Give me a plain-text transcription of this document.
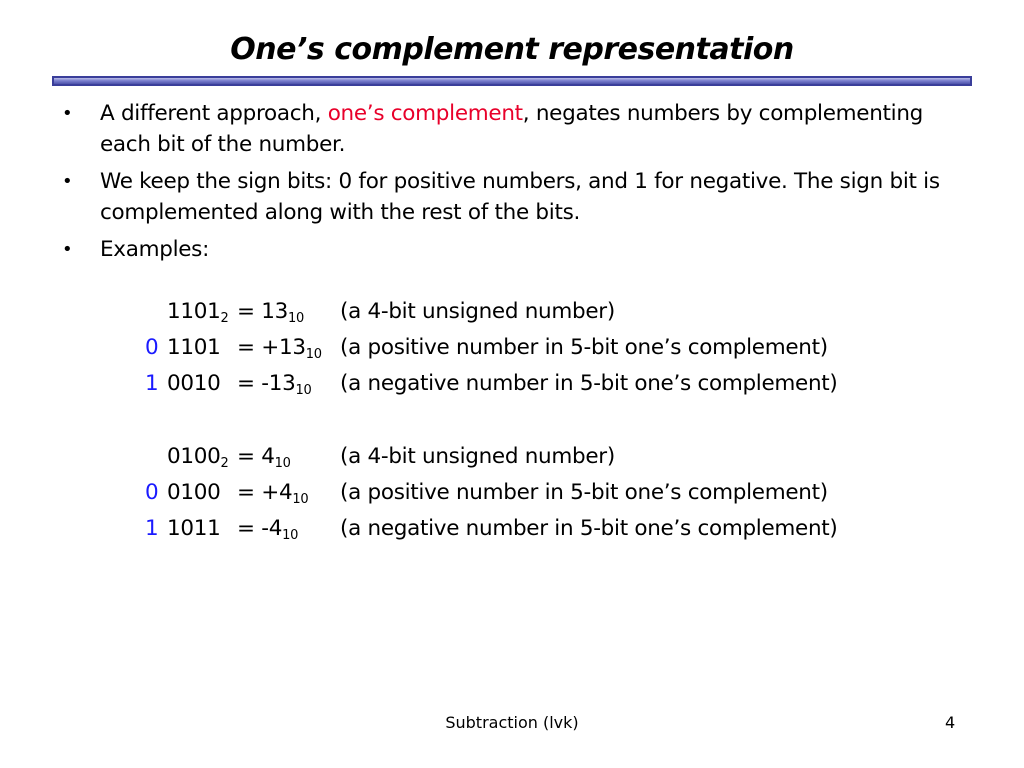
One’s complement representation
• A different approach, one’s complement, negates numbers by complementing each bit of the number.
• We keep the sign bits: 0 for positive numbers, and 1 for negative. The sign bit is complemented along with the rest of the bits.
• Examples:
$1101_2 = 13_{10}$ (a 4-bit unsigned number)
0 $1101 = +13_{10}$ (a positive number in 5-bit one’s complement)
1 $0010 = -13_{10}$ (a negative number in 5-bit one’s complement)
$0100_2 = 4_{10}$ (a 4-bit unsigned number)
0 $0100 = +4_{10}$ (a positive number in 5-bit one’s complement)
1 $1011 = -4_{10}$ (a negative number in 5-bit one’s complement)
Subtraction (lvk)	4
